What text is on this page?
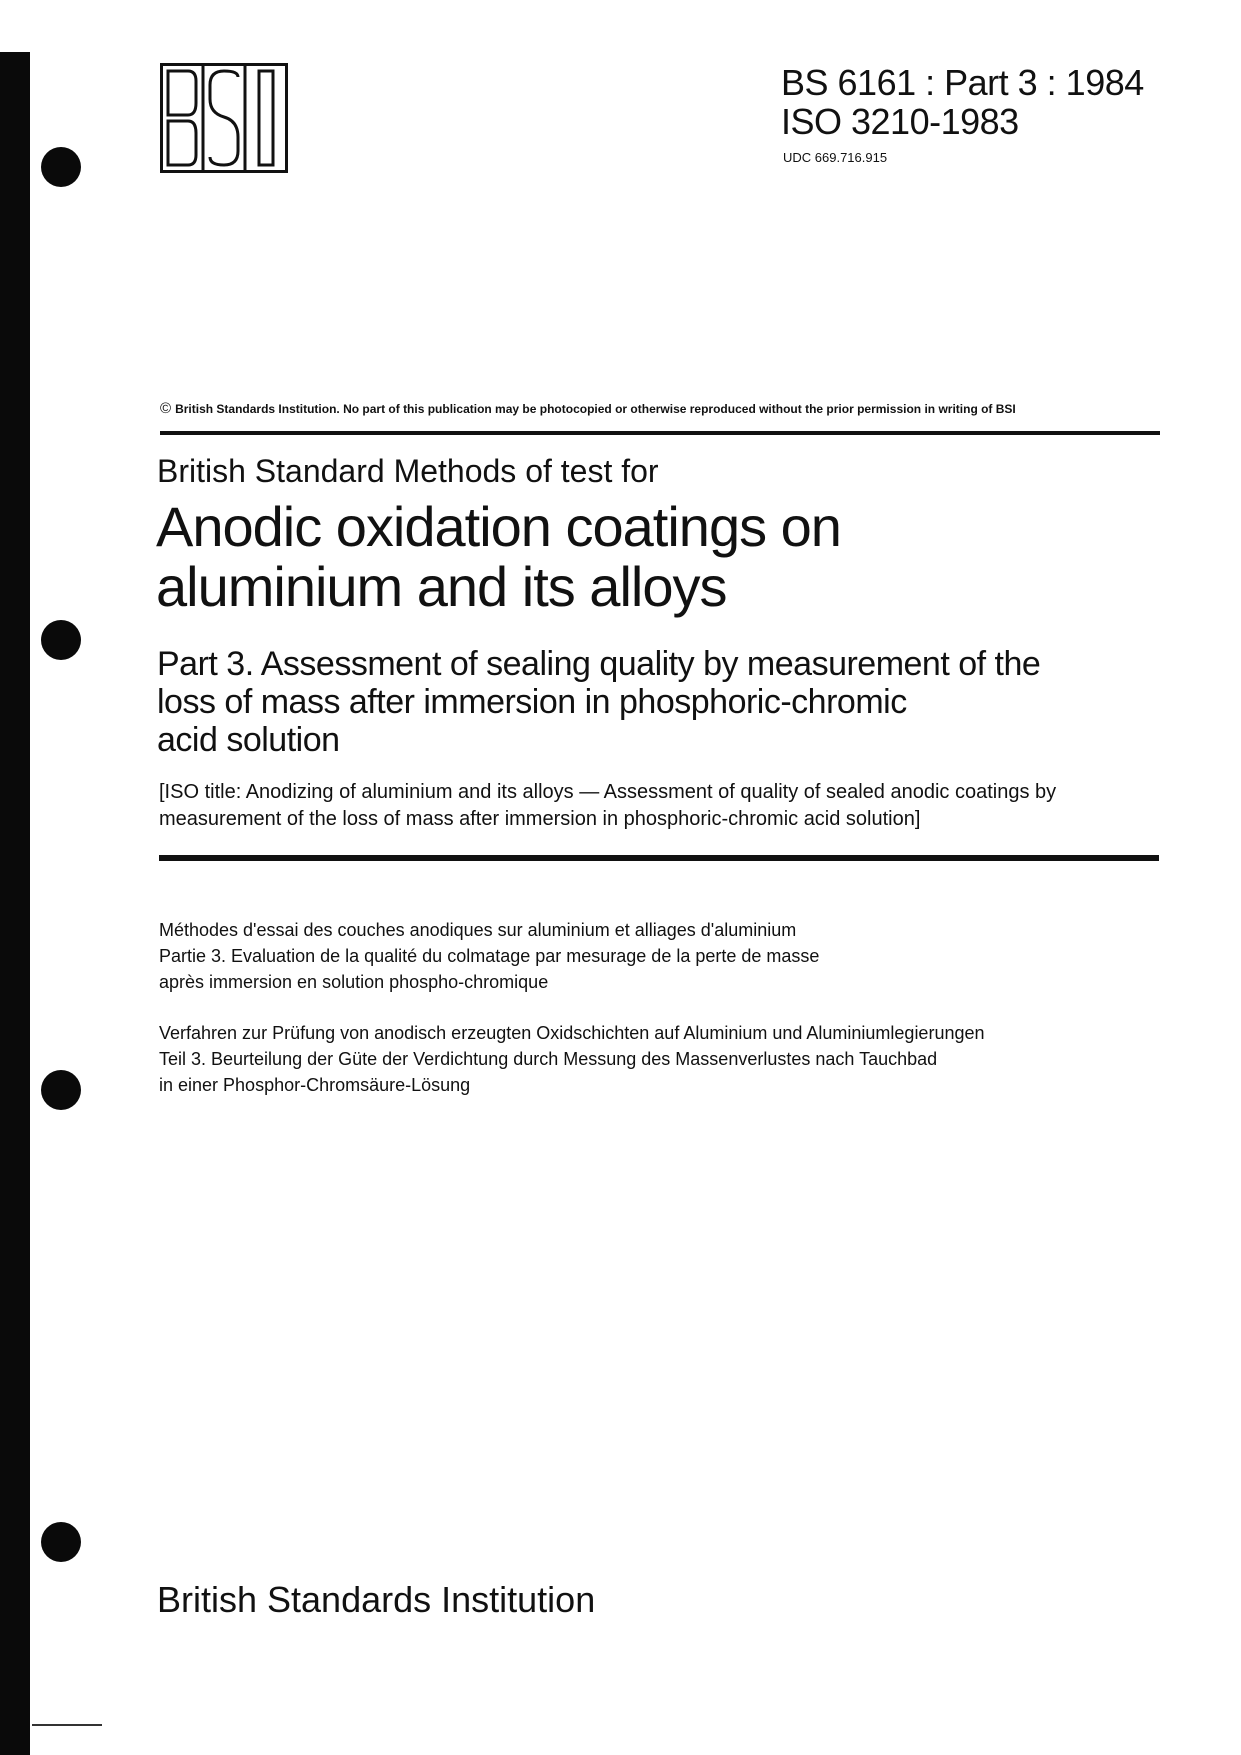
BS 6161 : Part 3 : 1984
ISO 3210-1983
UDC 669.716.915
© British Standards Institution. No part of this publication may be photocopied or otherwise reproduced without the prior permission in writing of BSI
British Standard Methods of test for
Anodic oxidation coatings on
aluminium and its alloys
Part 3. Assessment of sealing quality by measurement of the
loss of mass after immersion in phosphoric-chromic
acid solution
[ISO title: Anodizing of aluminium and its alloys — Assessment of quality of sealed anodic coatings by
measurement of the loss of mass after immersion in phosphoric-chromic acid solution]
Méthodes d'essai des couches anodiques sur aluminium et alliages d'aluminium
Partie 3. Evaluation de la qualité du colmatage par mesurage de la perte de masse
après immersion en solution phospho-chromique
Verfahren zur Prüfung von anodisch erzeugten Oxidschichten auf Aluminium und Aluminiumlegierungen
Teil 3. Beurteilung der Güte der Verdichtung durch Messung des Massenverlustes nach Tauchbad
in einer Phosphor-Chromsäure-Lösung
British Standards Institution
